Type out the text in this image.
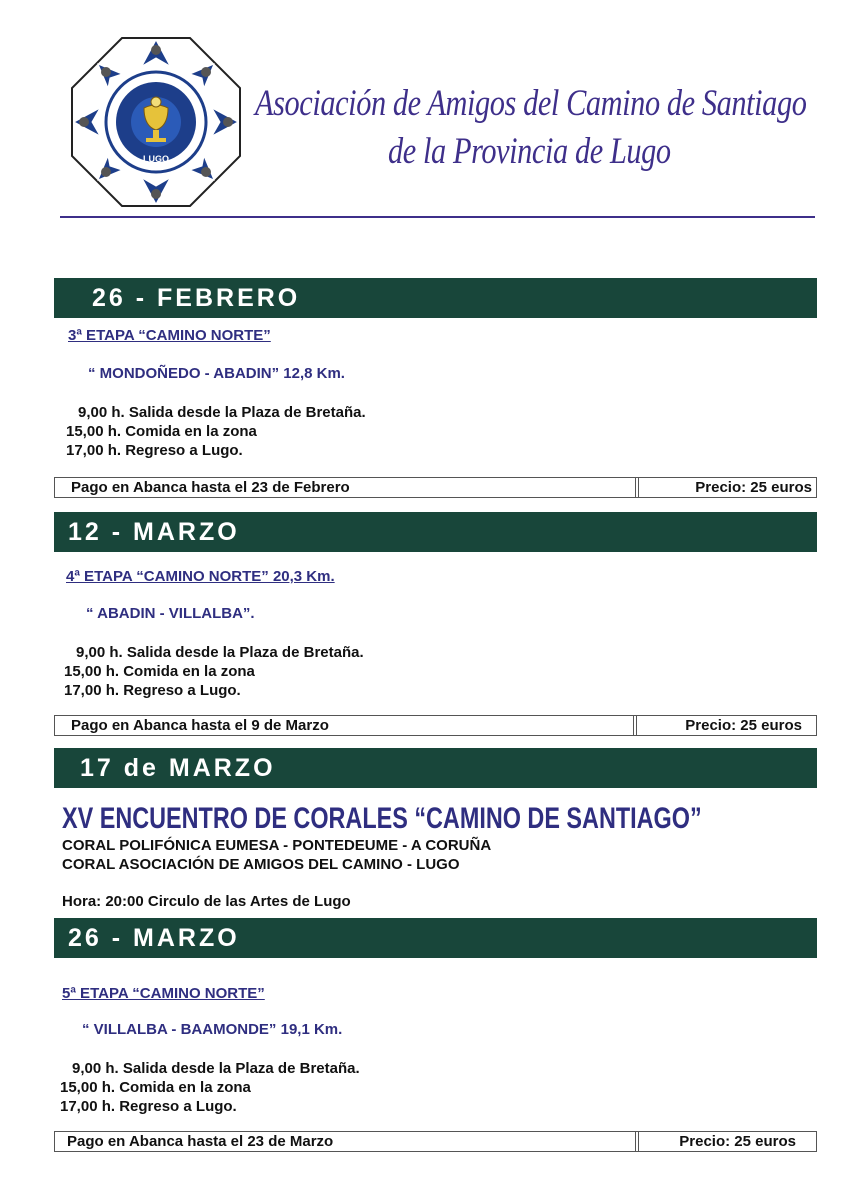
LUGO
Asociación de Amigos del Camino de Santiago
de la Provincia de Lugo
26 - FEBRERO
3ª ETAPA “CAMINO NORTE”
“ MONDOÑEDO - ABADIN” 12,8 Km.
9,00 h. Salida desde la Plaza de Bretaña.
15,00 h. Comida en la zona
17,00 h. Regreso a Lugo.
Pago en Abanca hasta el 23 de Febrero	Precio: 25 euros
12 - MARZO
4ª ETAPA “CAMINO NORTE” 20,3 Km.
“ ABADIN - VILLALBA”.
9,00 h. Salida desde la Plaza de Bretaña.
15,00 h. Comida en la zona
17,00 h. Regreso a Lugo.
Pago en Abanca hasta el 9 de Marzo	Precio: 25 euros
17 de MARZO
XV ENCUENTRO DE CORALES “CAMINO DE SANTIAGO”
CORAL POLIFÓNICA EUMESA - PONTEDEUME - A CORUÑA
CORAL ASOCIACIÓN DE AMIGOS DEL CAMINO - LUGO
Hora: 20:00 Circulo de las Artes de Lugo
26 - MARZO
5ª ETAPA “CAMINO NORTE”
“ VILLALBA - BAAMONDE” 19,1 Km.
9,00 h. Salida desde la Plaza de Bretaña.
15,00 h. Comida en la zona
17,00 h. Regreso a Lugo.
Pago en Abanca hasta el 23 de Marzo	Precio: 25 euros
